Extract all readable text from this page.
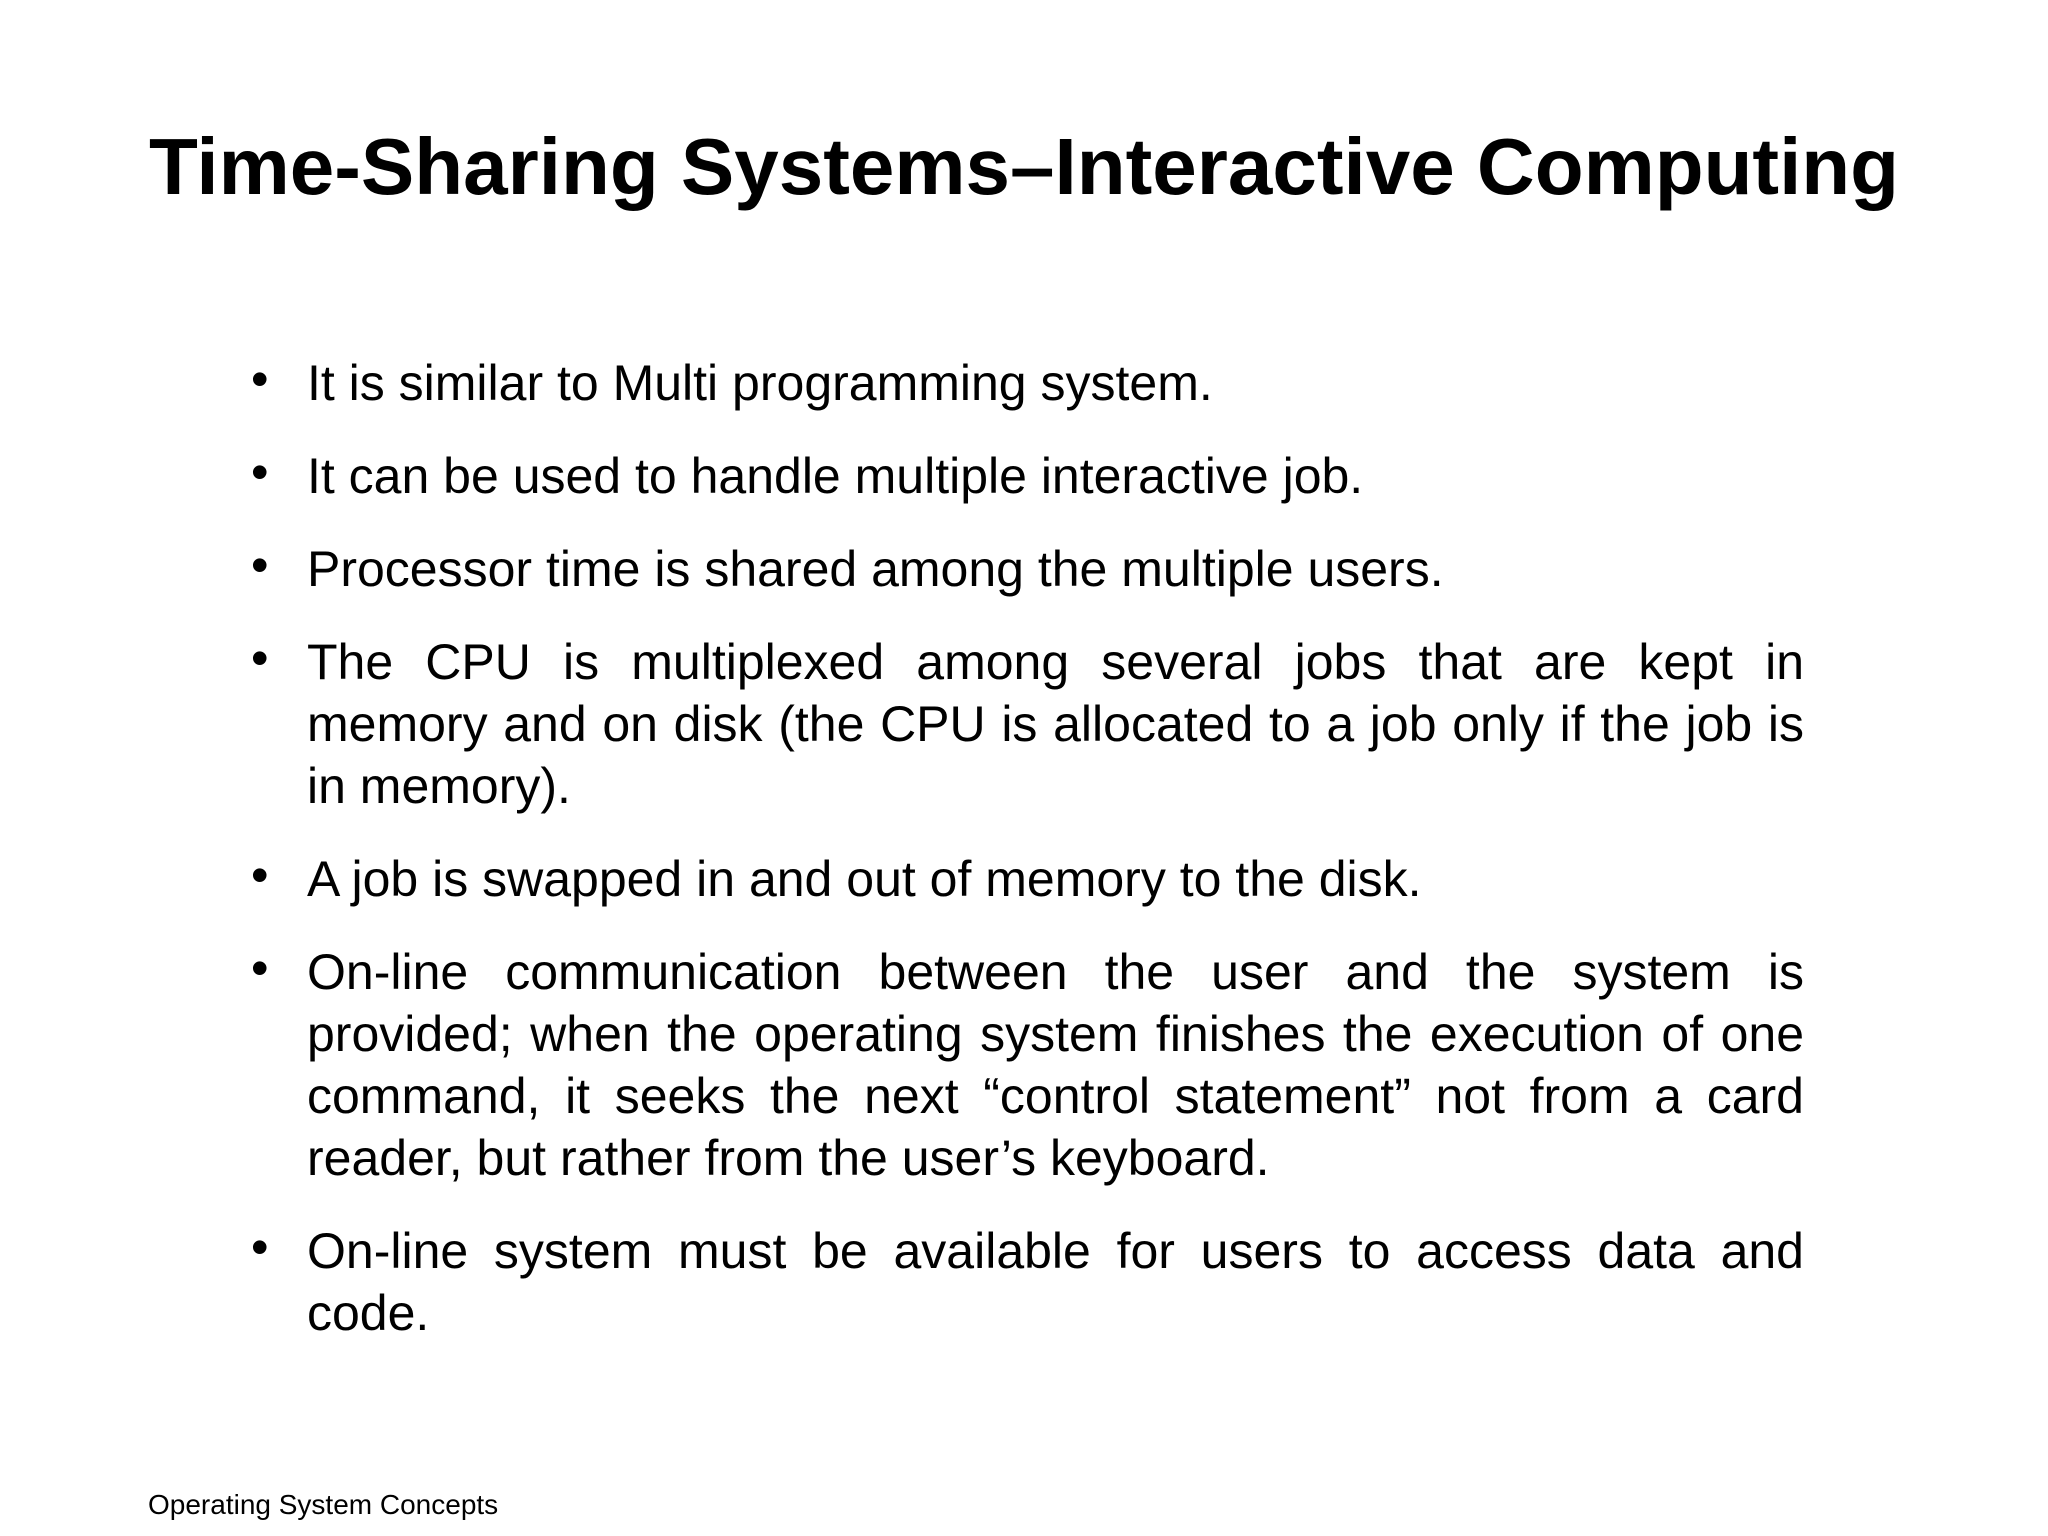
Time-Sharing Systems–Interactive Computing
• It is similar to Multi programming system.
• It can be used to handle multiple interactive job.
• Processor time is shared among the multiple users.
• The CPU is multiplexed among several jobs that are kept in memory and on disk (the CPU is allocated to a job only if the job is in memory).
• A job is swapped in and out of memory to the disk.
• On-line communication between the user and the system is provided; when the operating system finishes the execution of one command, it seeks the next “control statement” not from a card reader, but rather from the user’s keyboard.
• On-line system must be available for users to access data and code.
Operating System Concepts
